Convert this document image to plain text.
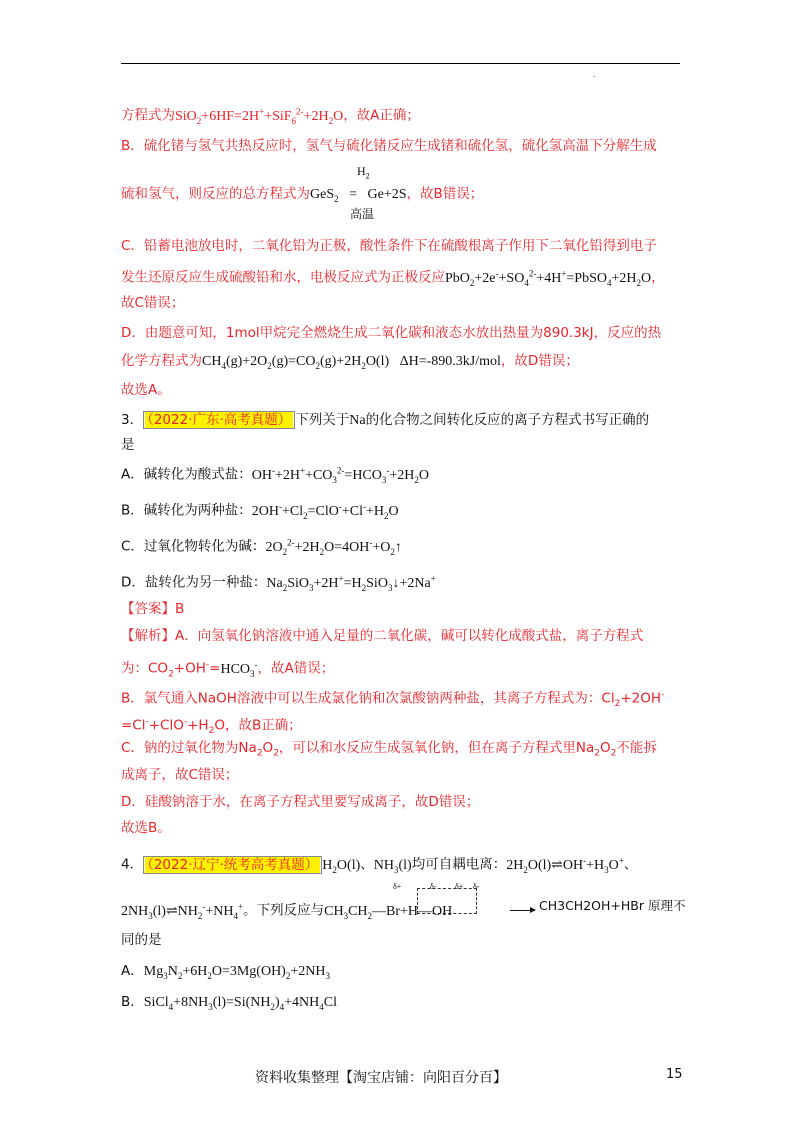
.
方程式为$SiO_2+6HF=2H^++SiF_6^{2-}+2H_2O$，故A正确；
B．硫化锗与氢气共热反应时，氢气与硫化锗反应生成锗和硫化氢，硫化氢高温下分解生成
$H_2$
硫和氢气，则反应的总方程式为GeS$_2$   =   Ge+2S，故B错误；
高温
C．铅蓄电池放电时，二氧化铅为正极，酸性条件下在硫酸根离子作用下二氧化铅得到电子
发生还原反应生成硫酸铅和水，电极反应式为正极反应$PbO_2+2e^-+SO_4^{2-}+4H^+=PbSO_4+2H_2O$，
故C错误；
D．由题意可知，1mol甲烷完全燃烧生成二氧化碳和液态水放出热量为890.3kJ，反应的热
化学方程式为$CH_4(g)+2O_2(g)=CO_2(g)+2H_2O(l)$   ΔH=-890.3kJ/mol，故D错误；
故选A。
3． （2022·广东·高考真题） 下列关于Na的化合物之间转化反应的离子方程式书写正确的
是
A．碱转化为酸式盐：$OH^-+2H^++CO_3^{2-}=HCO_3^-+2H_2O$
B．碱转化为两种盐：$2OH^-+Cl_2=ClO^-+Cl^-+H_2O$
C．过氧化物转化为碱：$2O_2^{2-}+2H_2O=4OH^-+O_2↑$
D．盐转化为另一种盐：$Na_2SiO_3+2H^+=H_2SiO_3↓+2Na^+$
【答案】B
【解析】A．向氢氧化钠溶液中通入足量的二氧化碳，碱可以转化成酸式盐，离子方程式
为：$CO_2+OH^-=HCO_3^-$，故A错误；
B．氯气通入NaOH溶液中可以生成氯化钠和次氯酸钠两种盐，其离子方程式为：$Cl_2+2OH^-$
$=Cl^-+ClO^-+H_2O$，故B正确；
C．钠的过氧化物为$Na_2O_2$，可以和水反应生成氢氧化钠，但在离子方程式里$Na_2O_2$不能拆
成离子，故C错误；
D．硅酸钠溶于水，在离子方程式里要写成离子，故D错误；
故选B。
4． （2022·辽宁·统考高考真题） $H_2O(l)$、$NH_3(l)$均可自耦电离：$2H_2O(l)\rightleftharpoons OH^-+H_3O^+$、
δ+	δ- δ+ δ-
$2NH_3(l)\rightleftharpoons NH_2^-+NH_4^+$。下列反应与$CH_3CH_2—Br+H—OH$	CH3CH2OH+HBr 原理不
同的是
A．$Mg_3N_2+6H_2O=3Mg(OH)_2+2NH_3$
B．$SiCl_4+8NH_3(l)=Si(NH_2)_4+4NH_4Cl$
资料收集整理【淘宝店铺：向阳百分百】	15
